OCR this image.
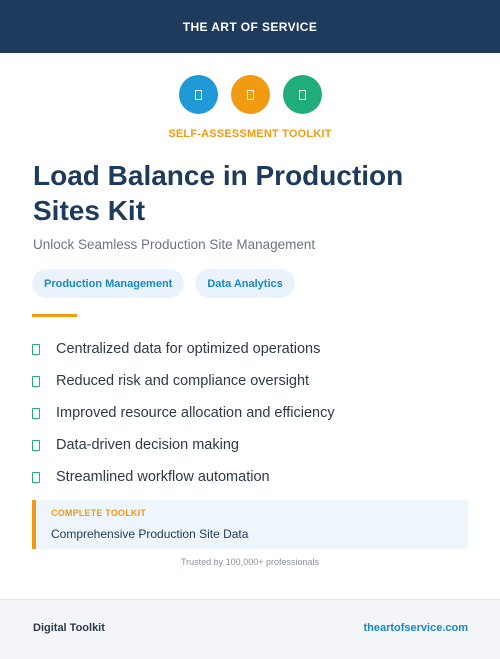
THE ART OF SERVICE
SELF-ASSESSMENT TOOLKIT
Load Balance in Production Sites Kit

Unlock Seamless Production Site Management

Production Management	Data Analytics
Centralized data for optimized operations
Reduced risk and compliance oversight
Improved resource allocation and efficiency
Data-driven decision making
Streamlined workflow automation
COMPLETE TOOLKIT
Comprehensive Production Site Data
Trusted by 100,000+ professionals
Digital Toolkit	theartofservice.com
